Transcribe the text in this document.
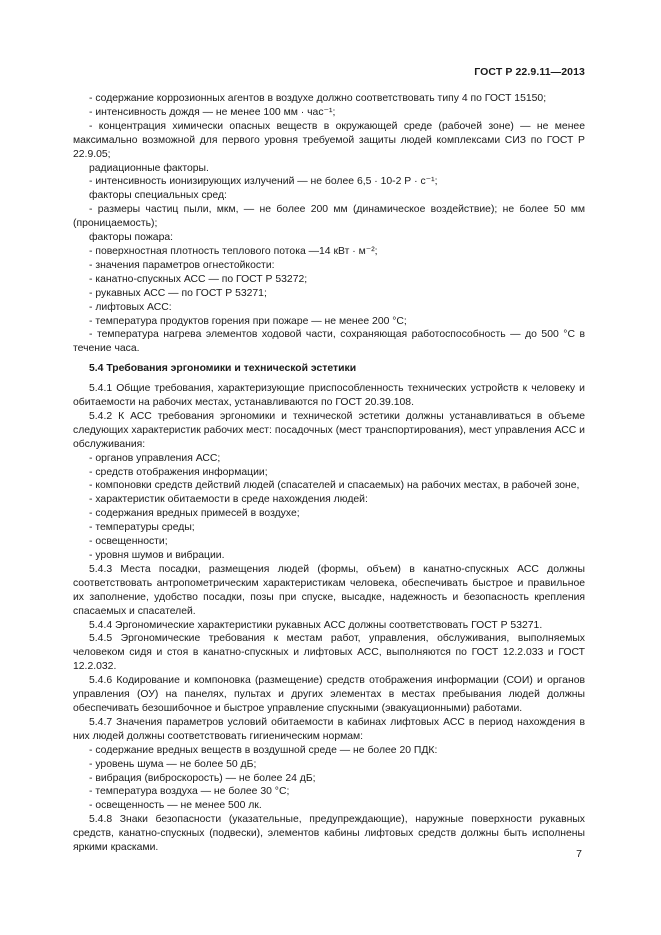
ГОСТ Р 22.9.11—2013

- содержание коррозионных агентов в воздухе должно соответствовать типу 4 по ГОСТ 15150;

- интенсивность дождя — не менее 100 мм · час⁻¹;

- концентрация химически опасных веществ в окружающей среде (рабочей зоне) — не менее максимально возможной для первого уровня требуемой защиты людей комплексами СИЗ по ГОСТ Р 22.9.05;

радиационные факторы.

- интенсивность ионизирующих излучений — не более 6,5 · 10-2 Р · с⁻¹;

факторы специальных сред:

- размеры частиц пыли, мкм, — не более 200 мм (динамическое воздействие); не более 50 мм (проницаемость);

факторы пожара:

- поверхностная плотность теплового потока —14 кВт · м⁻²;

- значения параметров огнестойкости:

- канатно-спускных АСС — по ГОСТ Р 53272;

- рукавных АСС — по ГОСТ Р 53271;

- лифтовых АСС:

- температура продуктов горения при пожаре — не менее 200 °С;

- температура нагрева элементов ходовой части, сохраняющая работоспособность — до 500 °С в течение часа.

5.4 Требования эргономики и технической эстетики

5.4.1 Общие требования, характеризующие приспособленность технических устройств к человеку и обитаемости на рабочих местах, устанавливаются по ГОСТ 20.39.108.

5.4.2 К АСС требования эргономики и технической эстетики должны устанавливаться в объеме следующих характеристик рабочих мест: посадочных (мест транспортирования), мест управления АСС и обслуживания:

- органов управления АСС;

- средств отображения информации;

- компоновки средств действий людей (спасателей и спасаемых) на рабочих местах, в рабочей зоне,

- характеристик обитаемости в среде нахождения людей:

- содержания вредных примесей в воздухе;

- температуры среды;

- освещенности;

- уровня шумов и вибрации.

5.4.3 Места посадки, размещения людей (формы, объем) в канатно-спускных АСС должны соответствовать антропометрическим характеристикам человека, обеспечивать быстрое и правильное их заполнение, удобство посадки, позы при спуске, высадке, надежность и безопасность крепления спасаемых и спасателей.

5.4.4 Эргономические характеристики рукавных АСС должны соответствовать ГОСТ Р 53271.

5.4.5 Эргономические требования к местам работ, управления, обслуживания, выполняемых человеком сидя и стоя в канатно-спускных и лифтовых АСС, выполняются по ГОСТ 12.2.033 и ГОСТ 12.2.032.

5.4.6 Кодирование и компоновка (размещение) средств отображения информации (СОИ) и органов управления (ОУ) на панелях, пультах и других элементах в местах пребывания людей должны обеспечивать безошибочное и быстрое управление спускными (эвакуационными) работами.

5.4.7 Значения параметров условий обитаемости в кабинах лифтовых АСС в период нахождения в них людей должны соответствовать гигиеническим нормам:

- содержание вредных веществ в воздушной среде — не более 20 ПДК:

- уровень шума — не более 50 дБ;

- вибрация (виброскорость) — не более 24 дБ;

- температура воздуха — не более 30 °С;

- освещенность — не менее 500 лк.

5.4.8 Знаки безопасности (указательные, предупреждающие), наружные поверхности рукавных средств, канатно-спускных (подвески), элементов кабины лифтовых средств должны быть исполнены яркими красками.

7
